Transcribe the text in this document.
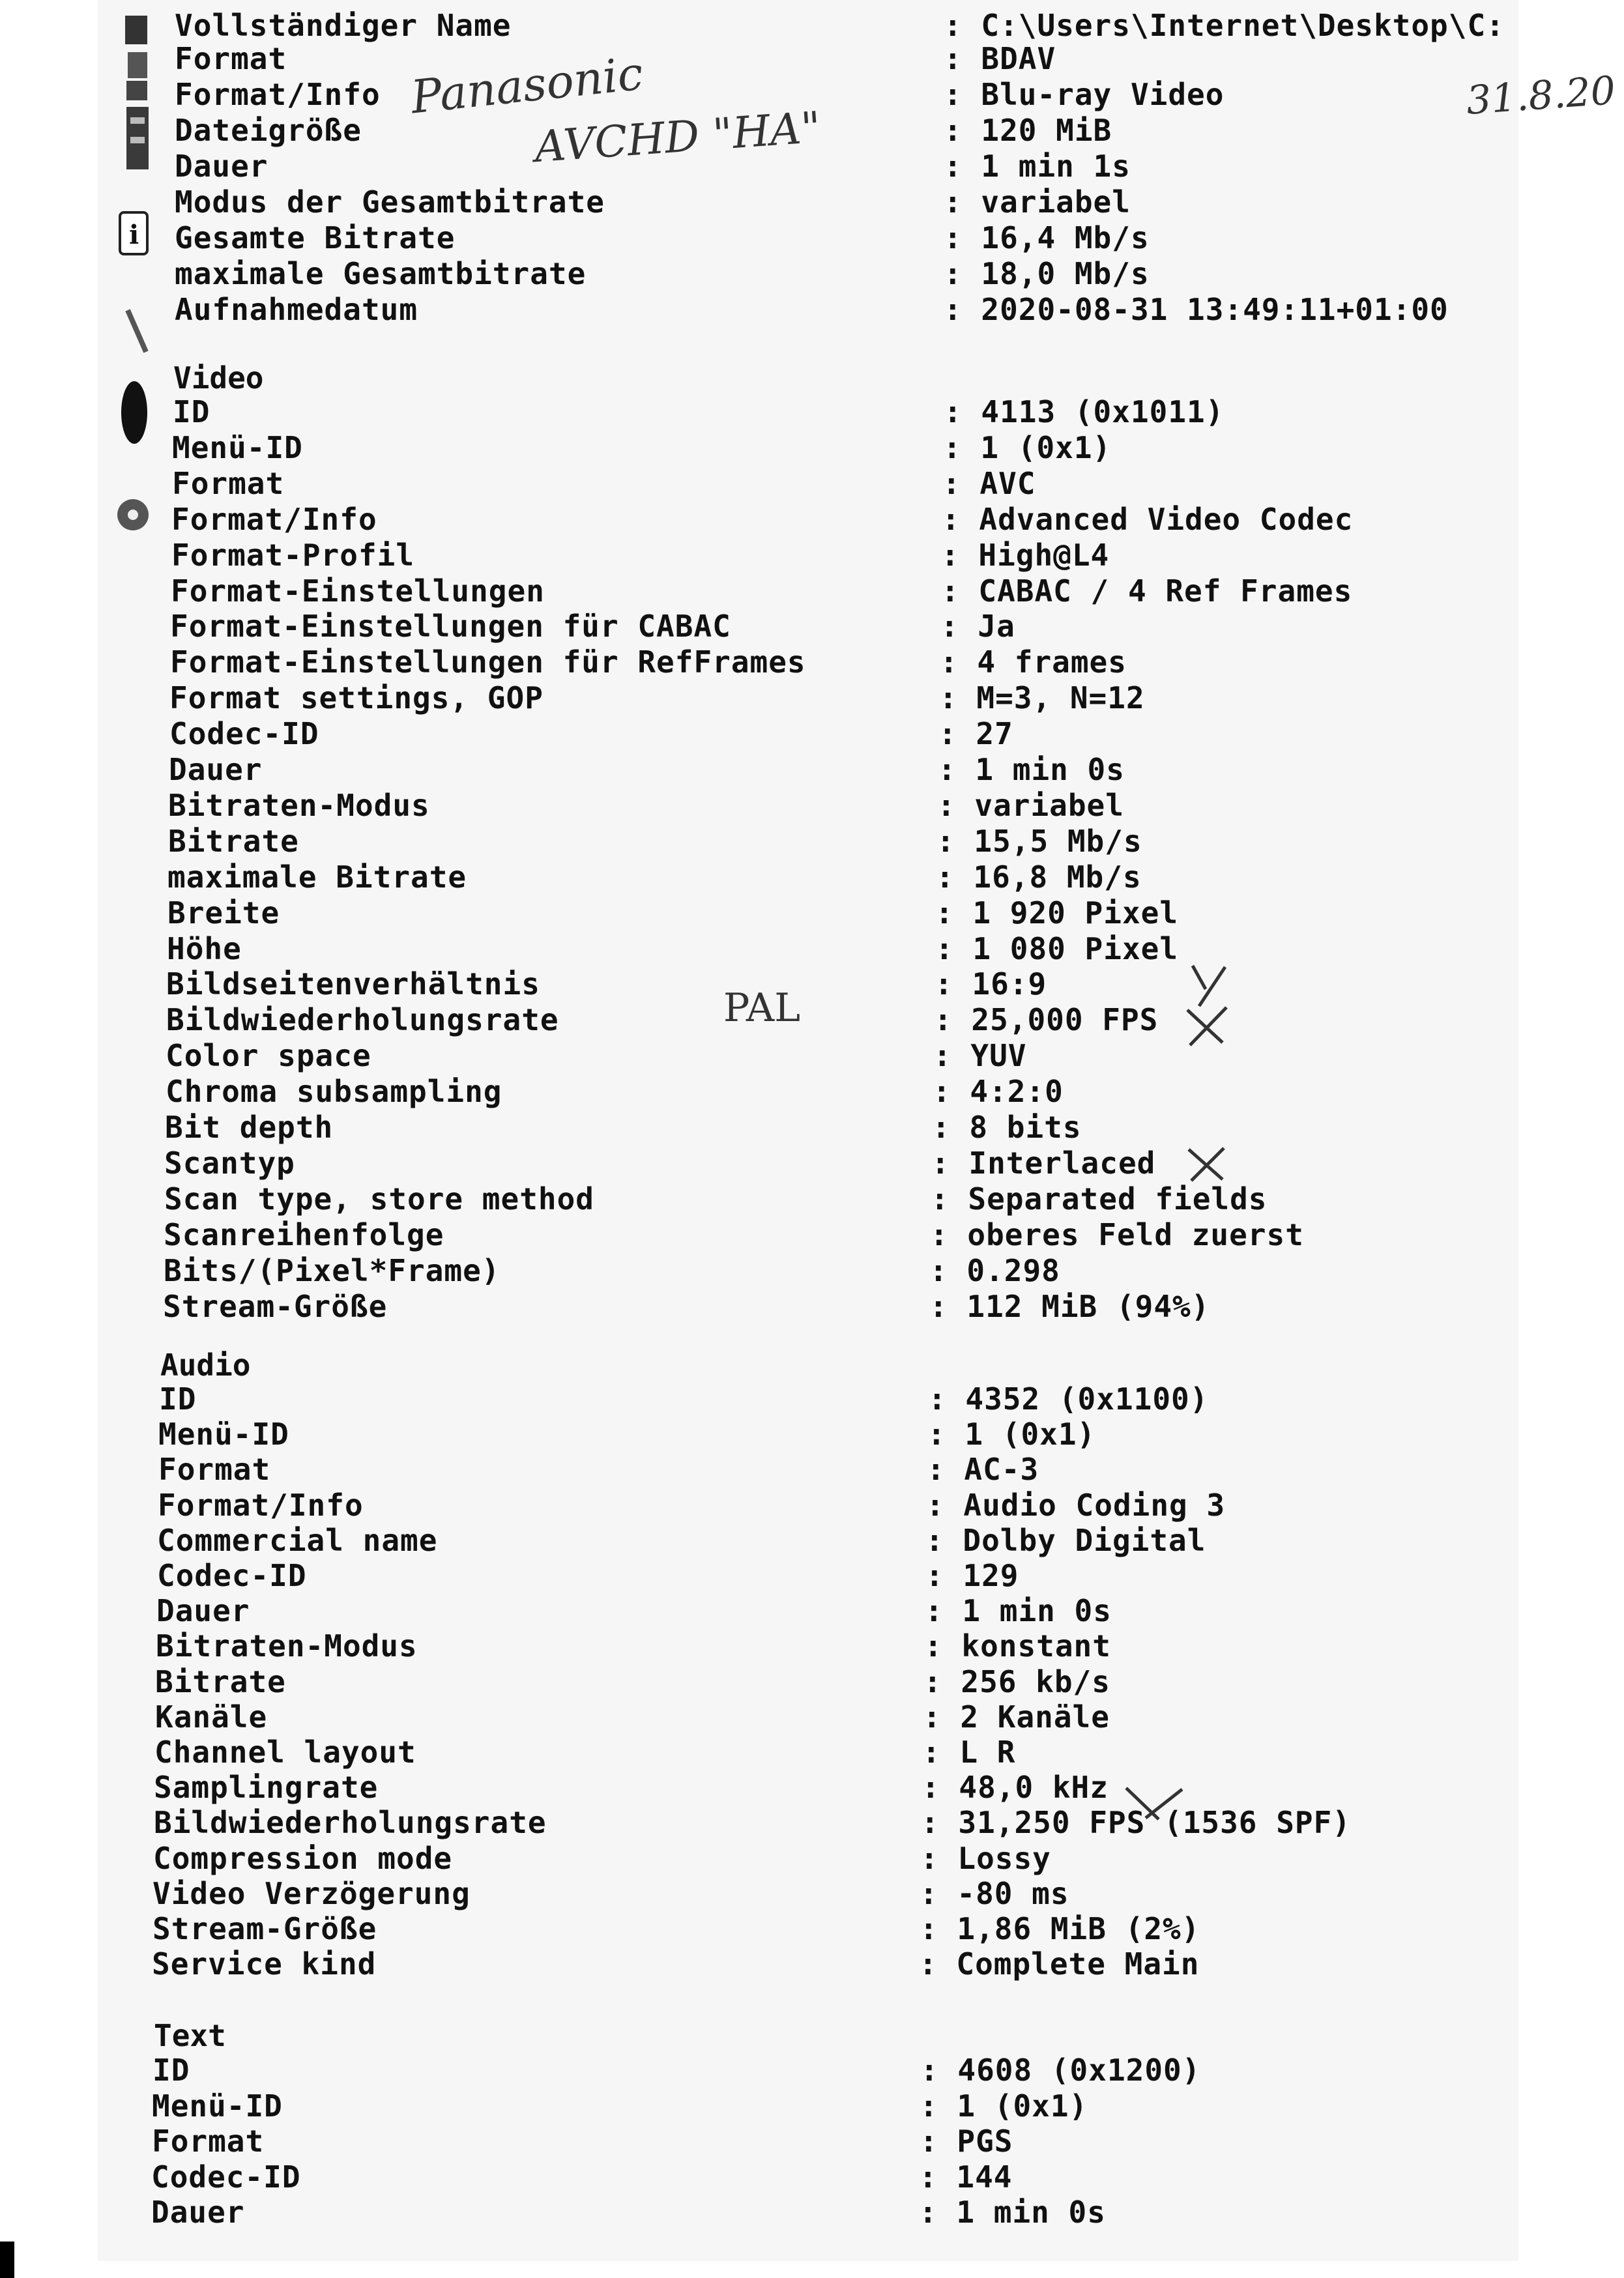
i
Vollständiger Name	: C:\Users\Internet\Desktop\C:
Format	: BDAV
Format/Info	: Blu-ray Video
Dateigröße	: 120 MiB
Dauer	: 1 min 1s
Modus der Gesamtbitrate	: variabel
Gesamte Bitrate	: 16,4 Mb/s
maximale Gesamtbitrate	: 18,0 Mb/s
Aufnahmedatum	: 2020-08-31 13:49:11+01:00
Video
ID	: 4113 (0x1011)
Menü-ID	: 1 (0x1)
Format	: AVC
Format/Info	: Advanced Video Codec
Format-Profil	: High@L4
Format-Einstellungen	: CABAC / 4 Ref Frames
Format-Einstellungen für CABAC	: Ja
Format-Einstellungen für RefFrames	: 4 frames
Format settings, GOP	: M=3, N=12
Codec-ID	: 27
Dauer	: 1 min 0s
Bitraten-Modus	: variabel
Bitrate	: 15,5 Mb/s
maximale Bitrate	: 16,8 Mb/s
Breite	: 1 920 Pixel
Höhe	: 1 080 Pixel
Bildseitenverhältnis	: 16:9
Bildwiederholungsrate	: 25,000 FPS
Color space	: YUV
Chroma subsampling	: 4:2:0
Bit depth	: 8 bits
Scantyp	: Interlaced
Scan type, store method	: Separated fields
Scanreihenfolge	: oberes Feld zuerst
Bits/(Pixel*Frame)	: 0.298
Stream-Größe	: 112 MiB (94%)
Audio
ID	: 4352 (0x1100)
Menü-ID	: 1 (0x1)
Format	: AC-3
Format/Info	: Audio Coding 3
Commercial name	: Dolby Digital
Codec-ID	: 129
Dauer	: 1 min 0s
Bitraten-Modus	: konstant
Bitrate	: 256 kb/s
Kanäle	: 2 Kanäle
Channel layout	: L R
Samplingrate	: 48,0 kHz
Bildwiederholungsrate	: 31,250 FPS (1536 SPF)
Compression mode	: Lossy
Video Verzögerung	: -80 ms
Stream-Größe	: 1,86 MiB (2%)
Service kind	: Complete Main
Text
ID	: 4608 (0x1200)
Menü-ID	: 1 (0x1)
Format	: PGS
Codec-ID	: 144
Dauer	: 1 min 0s
Panasonic
AVCHD "HA"
31.8.20
PAL
